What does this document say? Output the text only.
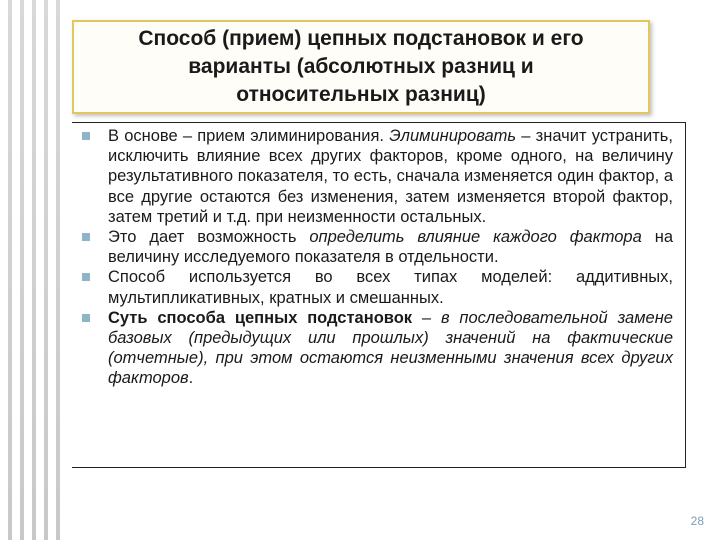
Способ (прием) цепных подстановок и его варианты (абсолютных разниц и относительных разниц)
В основе – прием элиминирования. Элиминировать – значит устранить, исключить влияние всех других факторов, кроме одного, на величину результативного показателя, то есть, сначала изменяется один фактор, а все другие остаются без изменения, затем изменяется второй фактор, затем третий и т.д. при неизменности остальных.
Это дает возможность определить влияние каждого фактора на величину исследуемого показателя в отдельности.
Способ используется во всех типах моделей: аддитивных, мультипликативных, кратных и смешанных.
Суть способа цепных подстановок – в последовательной замене базовых (предыдущих или прошлых) значений на фактические (отчетные), при этом остаются неизменными значения всех других факторов.
28
